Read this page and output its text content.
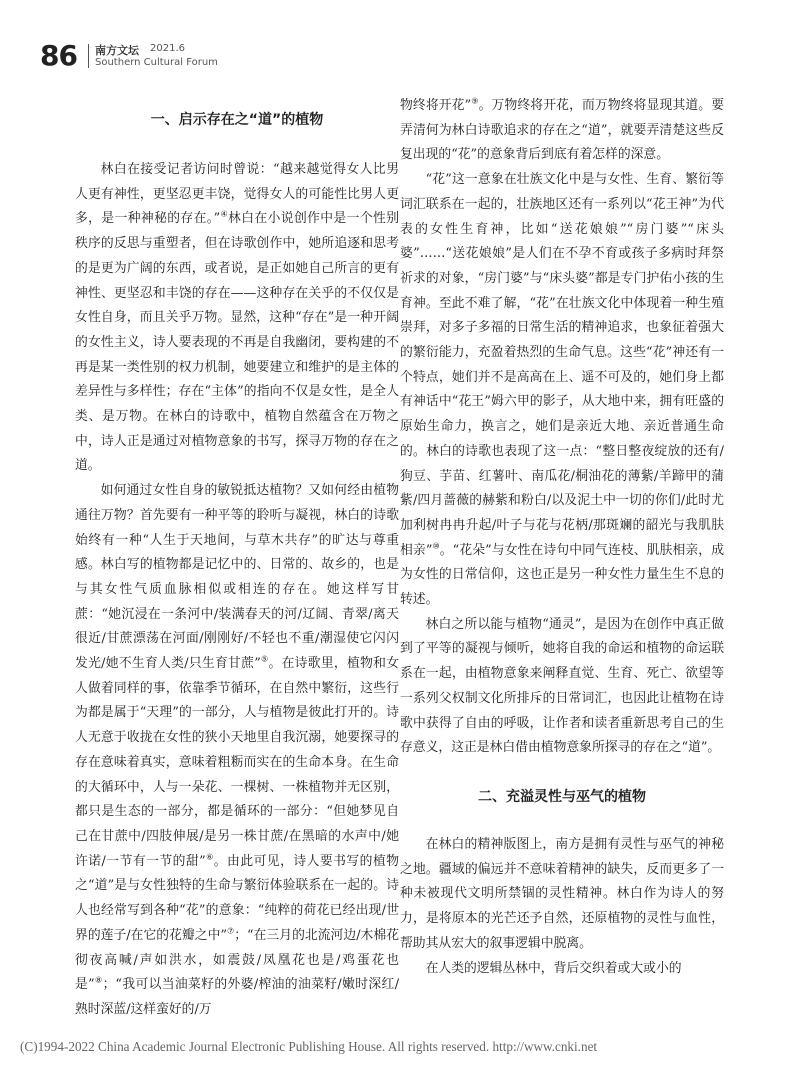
86 南方文坛 2021.6
Southern Cultural Forum
一、启示存在之“道”的植物

林白在接受记者访问时曾说：“越来越觉得女人比男人更有神性，更坚忍更丰饶，觉得女人的可能性比男人更多，是一种神秘的存在。”④林白在小说创作中是一个性别秩序的反思与重塑者，但在诗歌创作中，她所追逐和思考的是更为广阔的东西，或者说，是正如她自己所言的更有神性、更坚忍和丰饶的存在——这种存在关乎的不仅仅是女性自身，而且关乎万物。显然，这种“存在”是一种开阔的女性主义，诗人要表现的不再是自我幽闭，要构建的不再是某一类性别的权力机制，她要建立和维护的是主体的差异性与多样性；存在“主体”的指向不仅是女性，是全人类、是万物。在林白的诗歌中，植物自然蕴含在万物之中，诗人正是通过对植物意象的书写，探寻万物的存在之道。

如何通过女性自身的敏锐抵达植物？又如何经由植物通往万物？首先要有一种平等的聆听与凝视，林白的诗歌始终有一种“人生于天地间，与草木共存”的旷达与尊重感。林白写的植物都是记忆中的、日常的、故乡的，也是与其女性气质血脉相似或相连的存在。她这样写甘蔗：“她沉浸在一条河中/装满春天的河/辽阔、青翠/离天很近/甘蔗漂荡在河面/刚刚好/不轻也不重/潮湿使它闪闪发光/她不生育人类/只生育甘蔗”⑤。在诗歌里，植物和女人做着同样的事，依靠季节循环，在自然中繁衍，这些行为都是属于“天理”的一部分，人与植物是彼此打开的。诗人无意于收拢在女性的狭小天地里自我沉溺，她要探寻的存在意味着真实，意味着粗粝而实在的生命本身。在生命的大循环中，人与一朵花、一棵树、一株植物并无区别，都只是生态的一部分，都是循环的一部分：“但她梦见自己在甘蔗中/四肢伸展/是另一株甘蔗/在黑暗的水声中/她许诺/一节有一节的甜”⑥。由此可见，诗人要书写的植物之“道”是与女性独特的生命与繁衍体验联系在一起的。诗人也经常写到各种“花”的意象：“纯粹的荷花已经出现/世界的莲子/在它的花瓣之中”⑦；“在三月的北流河边/木棉花彻夜高喊/声如洪水，如震鼓/凤凰花也是/鸡蛋花也是”⑧；“我可以当油菜籽的外婆/榨油的油菜籽/嫩时深红/熟时深蓝/这样蛮好的/万

物终将开花”⑨。万物终将开花，而万物终将显现其道。要弄清何为林白诗歌追求的存在之“道”，就要弄清楚这些反复出现的“花”的意象背后到底有着怎样的深意。

“花”这一意象在壮族文化中是与女性、生育、繁衍等词汇联系在一起的，壮族地区还有一系列以“花王神”为代表的女性生育神，比如“送花娘娘”“房门婆”“床头婆”……“送花娘娘”是人们在不孕不育或孩子多病时拜祭祈求的对象，“房门婆”与“床头婆”都是专门护佑小孩的生育神。至此不难了解，“花”在壮族文化中体现着一种生殖崇拜，对多子多福的日常生活的精神追求，也象征着强大的繁衍能力，充盈着热烈的生命气息。这些“花”神还有一个特点，她们并不是高高在上、遥不可及的，她们身上都有神话中“花王”姆六甲的影子，从大地中来，拥有旺盛的原始生命力，换言之，她们是亲近大地、亲近普通生命的。林白的诗歌也表现了这一点：“整日整夜绽放的还有/狗豆、芋苗、红薯叶、南瓜花/桐油花的薄紫/羊蹄甲的蒲紫/四月蔷薇的赫紫和粉白/以及泥土中一切的你们/此时尤加利树冉冉升起/叶子与花与花柄/那斑斓的韶光与我肌肤相亲”⑩。“花朵”与女性在诗句中同气连枝、肌肤相亲，成为女性的日常信仰，这也正是另一种女性力量生生不息的转述。

林白之所以能与植物“通灵”，是因为在创作中真正做到了平等的凝视与倾听，她将自我的命运和植物的命运联系在一起，由植物意象来阐释直觉、生育、死亡、欲望等一系列父权制文化所排斥的日常词汇，也因此让植物在诗歌中获得了自由的呼吸，让作者和读者重新思考自己的生存意义，这正是林白借由植物意象所探寻的存在之“道”。

二、充溢灵性与巫气的植物

在林白的精神版图上，南方是拥有灵性与巫气的神秘之地。疆域的偏远并不意味着精神的缺失，反而更多了一种未被现代文明所禁锢的灵性精神。林白作为诗人的努力，是将原本的光芒还予自然，还原植物的灵性与血性，帮助其从宏大的叙事逻辑中脱离。

在人类的逻辑丛林中，背后交织着或大或小的

(C)1994-2022 China Academic Journal Electronic Publishing House. All rights reserved. http://www.cnki.net
